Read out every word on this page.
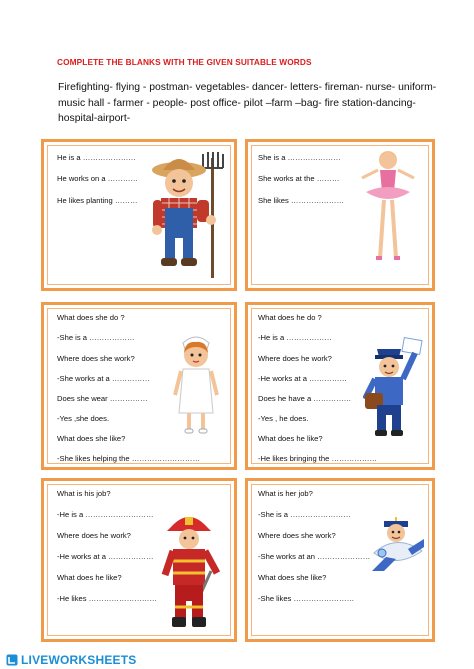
COMPLETE THE BLANKS WITH THE GIVEN SUITABLE WORDS
Firefighting- flying - postman- vegetables- dancer- letters- fireman- nurse- uniform- music hall - farmer - people- post office- pilot –farm –bag- fire station-dancing- hospital-airport-
He is a …………………
He works on a …………
He likes planting ………
She is a …………………
She works at the ………
She likes …………………
What does she do ?
-She is a ………………
Where does she work?
-She works at a ……………
Does she wear ……………
-Yes ,she does.
What does she like?
-She likes helping the ………………………
What does he do ?
-He is a ………………
Where does he work?
-He works at a ……………
Does he have a ……………
-Yes , he does.
What does he like?
-He likes bringing the ………………
What is his job?
-He is a ………………………
Where does he work?
-He works at a ………………
What does he like?
-He likes ………………………
What is her job?
-She is a ……………………
Where does she work?
-She works at an …………………
What does she like?
-She likes ……………………
LIVEWORKSHEETS
